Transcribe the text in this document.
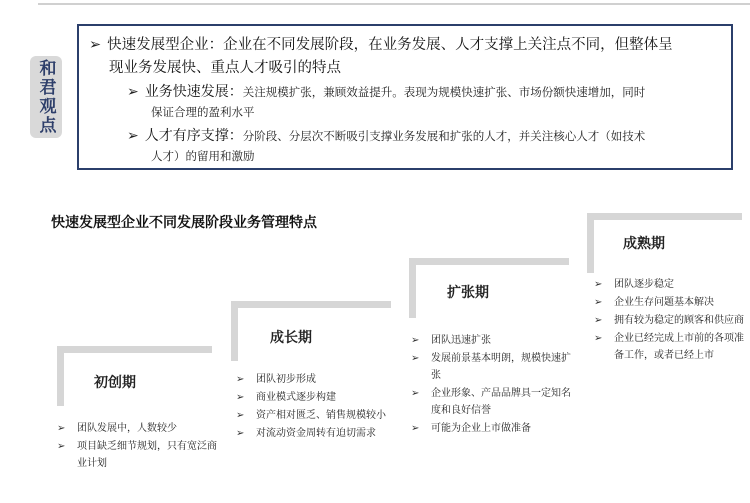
和君观点
➢ 快速发展型企业：企业在不同发展阶段，在业务发展、人才支撑上关注点不同，但整体呈
现业务发展快、重点人才吸引的特点
➢ 业务快速发展：关注规模扩张，兼顾效益提升。表现为规模快速扩张、市场份额快速增加，同时
保证合理的盈利水平
➢ 人才有序支撑：分阶段、分层次不断吸引支撑业务发展和扩张的人才，并关注核心人才（如技术
人才）的留用和激励
快速发展型企业不同发展阶段业务管理特点
初创期
➢ 团队发展中，人数较少
➢ 项目缺乏细节规划，只有宽泛商业计划
成长期
➢ 团队初步形成
➢ 商业模式逐步构建
➢ 资产相对匮乏、销售规模较小
➢ 对流动资金周转有迫切需求
扩张期
➢ 团队迅速扩张
➢ 发展前景基本明朗，规模快速扩张
➢ 企业形象、产品品牌具一定知名度和良好信誉
➢ 可能为企业上市做准备
成熟期
➢ 团队逐步稳定
➢ 企业生存问题基本解决
➢ 拥有较为稳定的顾客和供应商
➢ 企业已经完成上市前的各项准备工作，或者已经上市
